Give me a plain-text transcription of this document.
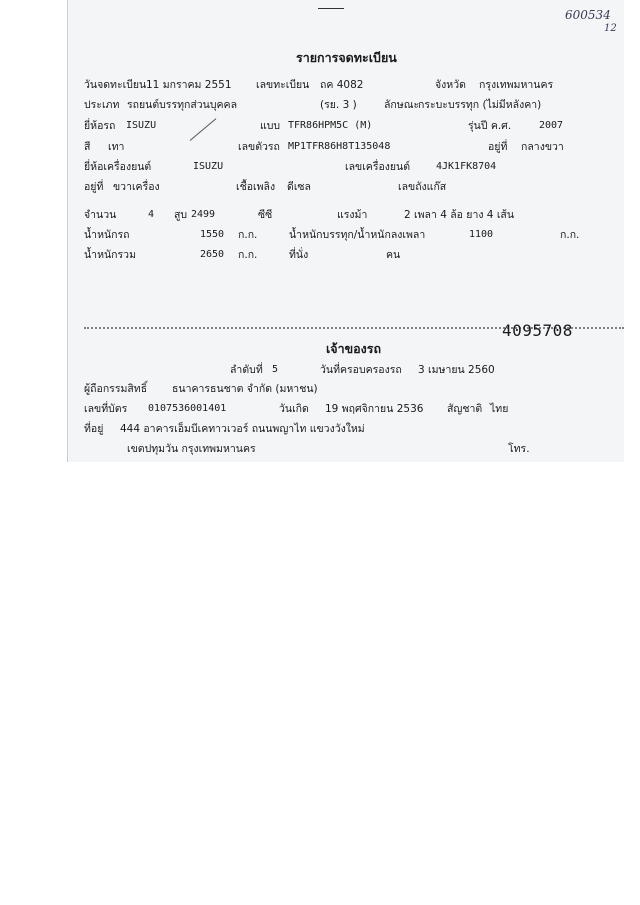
600534
12
รายการจดทะเบียน
วันจดทะเบียน 11 มกราคม 2551 เลขทะเบียน ถค 4082	จังหวัด กรุงเทพมหานคร
ประเภท รถยนต์บรรทุกส่วนบุคคล	(รย. 3 )	ลักษณะ
กระบะบรรทุก (ไม่มีหลังคา)
ยี่ห้อรถ ISUZU	แบบ TFR86HPM5C (M)	รุ่นปี ค.ศ.	2007
สี เทา	เลขตัวรถ MP1TFR86H8T135048	อยู่ที่ กลางขวา
ยี่ห้อเครื่องยนต์	ISUZU	เลขเครื่องยนต์	4JK1FK8704
อยู่ที่ ขวาเครื่อง	เชื้อเพลิง ดีเซล	เลขถังแก๊ส
จำนวน	4 สูบ 2499	ซีซี	แรงม้า	2 เพลา 4 ล้อ ยาง 4 เส้น
น้ำหนักรถ	1550 ก.ก.	น้ำหนักบรรทุก/น้ำหนักลงเพลา	1100	ก.ก.
น้ำหนักรวม	2650 ก.ก.	ที่นั่ง	คน
4095708
เจ้าของรถ
ลำดับที่ 5	วันที่ครอบครองรถ 3 เมษายน 2560
ผู้ถือกรรมสิทธิ์ ธนาคารธนชาต จำกัด (มหาชน)
เลขที่บัตร 0107536001401	วันเกิด 19 พฤศจิกายน 2536 สัญชาติ ไทย
ที่อยู่ 444 อาคารเอ็มบีเคทาวเวอร์ ถนนพญาไท แขวงวังใหม่
เขตปทุมวัน กรุงเทพมหานคร	โทร.
